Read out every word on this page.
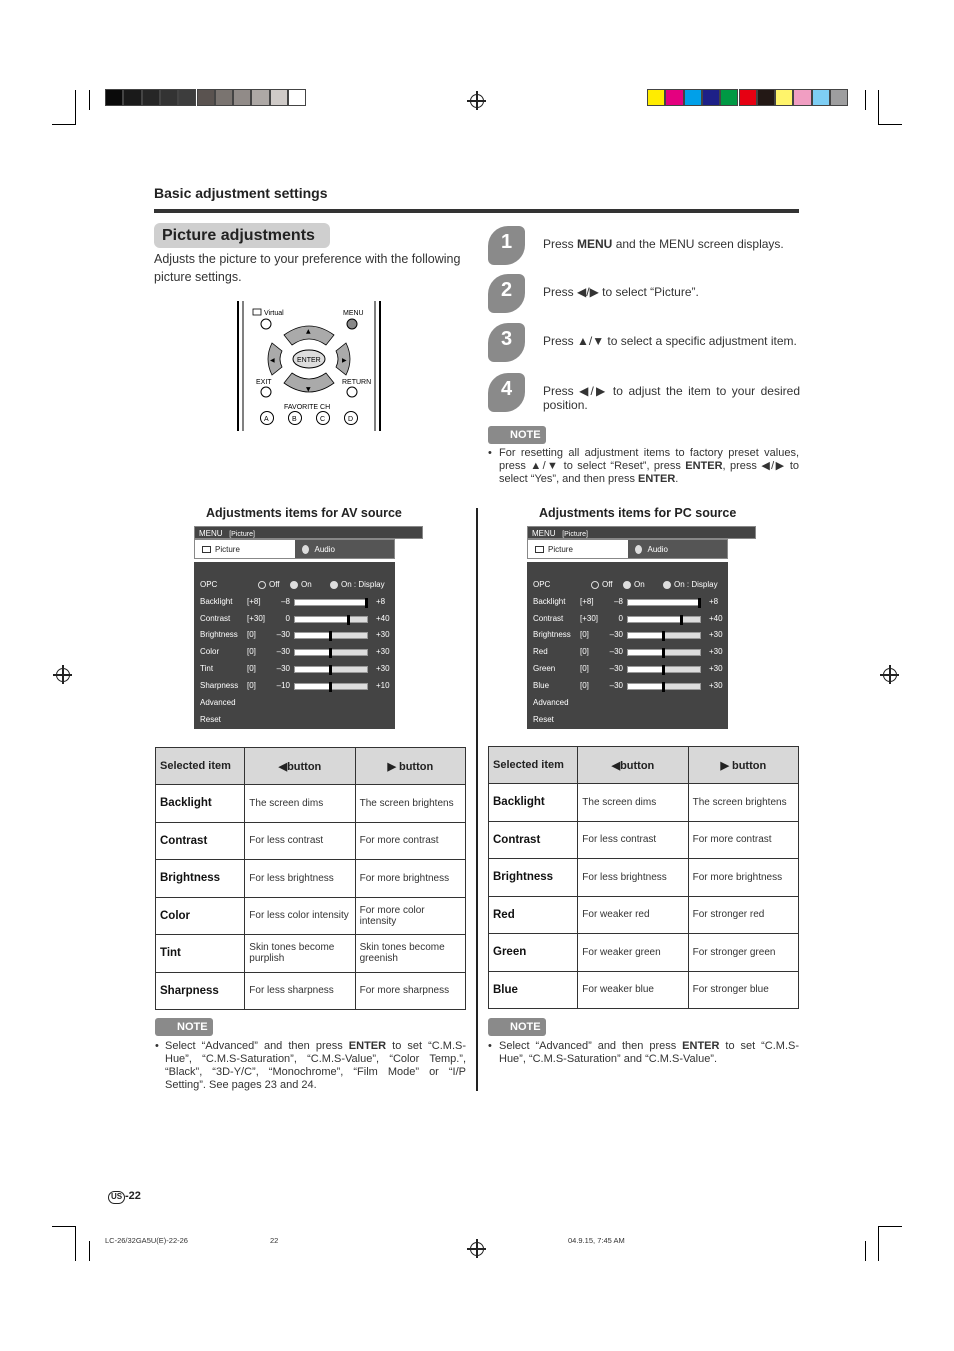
Basic adjustment settings
Picture adjustments
Adjusts the picture to your preference with the following picture settings.
Virtual	MENU
▲
▼
◀	▶
ENTER
EXIT	RETURN
FAVORITE CH
A	B	C	D
1	Press MENU and the MENU screen displays.
2	Press ◀/▶ to select “Picture”.
3	Press ▲/▼ to select a specific adjustment item.
4	Press ◀/▶ to adjust the item to your desired position.
NOTE
• For resetting all adjustment items to factory preset values, press ▲/▼ to select “Reset”, press ENTER, press ◀/▶ to select “Yes”, and then press ENTER.
Adjustments items for AV source
MENU [Picture]
Picture	Audio
OPC	Off	On	On : Display
Backlight [+8]	–8	+8
Contrast [+30]	0	+40
Brightness [0]	–30	+30
Color	[0]	–30	+30
Tint	[0]	–30	+30
Sharpness [0]	–10	+10
Advanced
Reset
Selected item	◀button	▶ button
Backlight	The screen dims	The screen brightens
Contrast	For less contrast	For more contrast
Brightness	For less brightness	For more brightness
Color	For less color intensity	For more color intensity
Tint	Skin tones become purplish	Skin tones become greenish
Sharpness	For less sharpness	For more sharpness
NOTE
• Select “Advanced” and then press ENTER to set “C.M.S-Hue”, “C.M.S-Saturation”, “C.M.S-Value”, “Color Temp.”, “Black”, “3D-Y/C”, “Monochrome”, “Film Mode” or “I/P Setting”. See pages 23 and 24.
Adjustments items for PC source
MENU [Picture]
Picture	Audio
OPC	Off	On	On : Display
Backlight [+8]	–8	+8
Contrast [+30]	0	+40
Brightness [0]	–30	+30
Red	[0]	–30	+30
Green	[0]	–30	+30
Blue	[0]	–30	+30
Advanced
Reset
Selected item	◀button	▶ button
Backlight	The screen dims	The screen brightens
Contrast	For less contrast	For more contrast
Brightness	For less brightness	For more brightness
Red	For weaker red	For stronger red
Green	For weaker green	For stronger green
Blue	For weaker blue	For stronger blue
NOTE
• Select “Advanced” and then press ENTER to set “C.M.S-Hue”, “C.M.S-Saturation” and “C.M.S-Value”.
US -22
LC-26/32GA5U(E)-22-26	22	04.9.15, 7:45 AM
